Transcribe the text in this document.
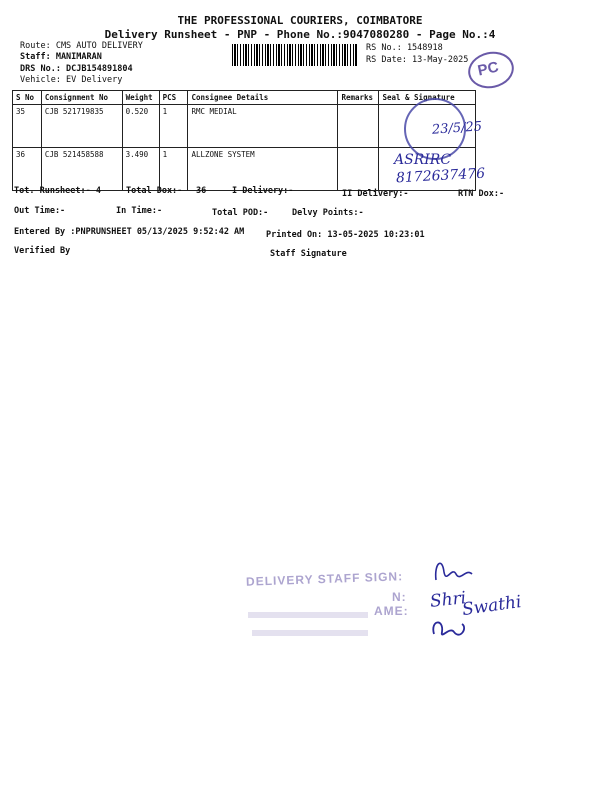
THE PROFESSIONAL COURIERS, COIMBATORE
Delivery Runsheet - PNP - Phone No.:9047080280 - Page No.:4
Route: CMS AUTO DELIVERY
Staff: MANIMARAN
DRS No.: DCJB154891804
Vehicle: EV Delivery
RS No.: 1548918
RS Date: 13-May-2025 PC
S No	Consignment No	Weight	PCS	Consignee Details	Remarks	Seal & Signature
35	CJB 521719835	0.520	1	RMC MEDIAL		
36	CJB 521458588	3.490	1	ALLZONE SYSTEM		
23/5/25
ASRIRC
8172637476
Tot. Runsheet:- 4	Total Dox:- 36	I Delivery:-	II Delivery:-	RTN Dox:-
Out Time:-	In Time:-	Total POD:-	Delvy Points:-
Entered By :PNPRUNSHEET 05/13/2025 9:52:42 AM	Printed On: 13-05-2025 10:23:01
Verified By	Staff Signature
DELIVERY STAFF SIGN:
N:
AME: Shri
Swathi
